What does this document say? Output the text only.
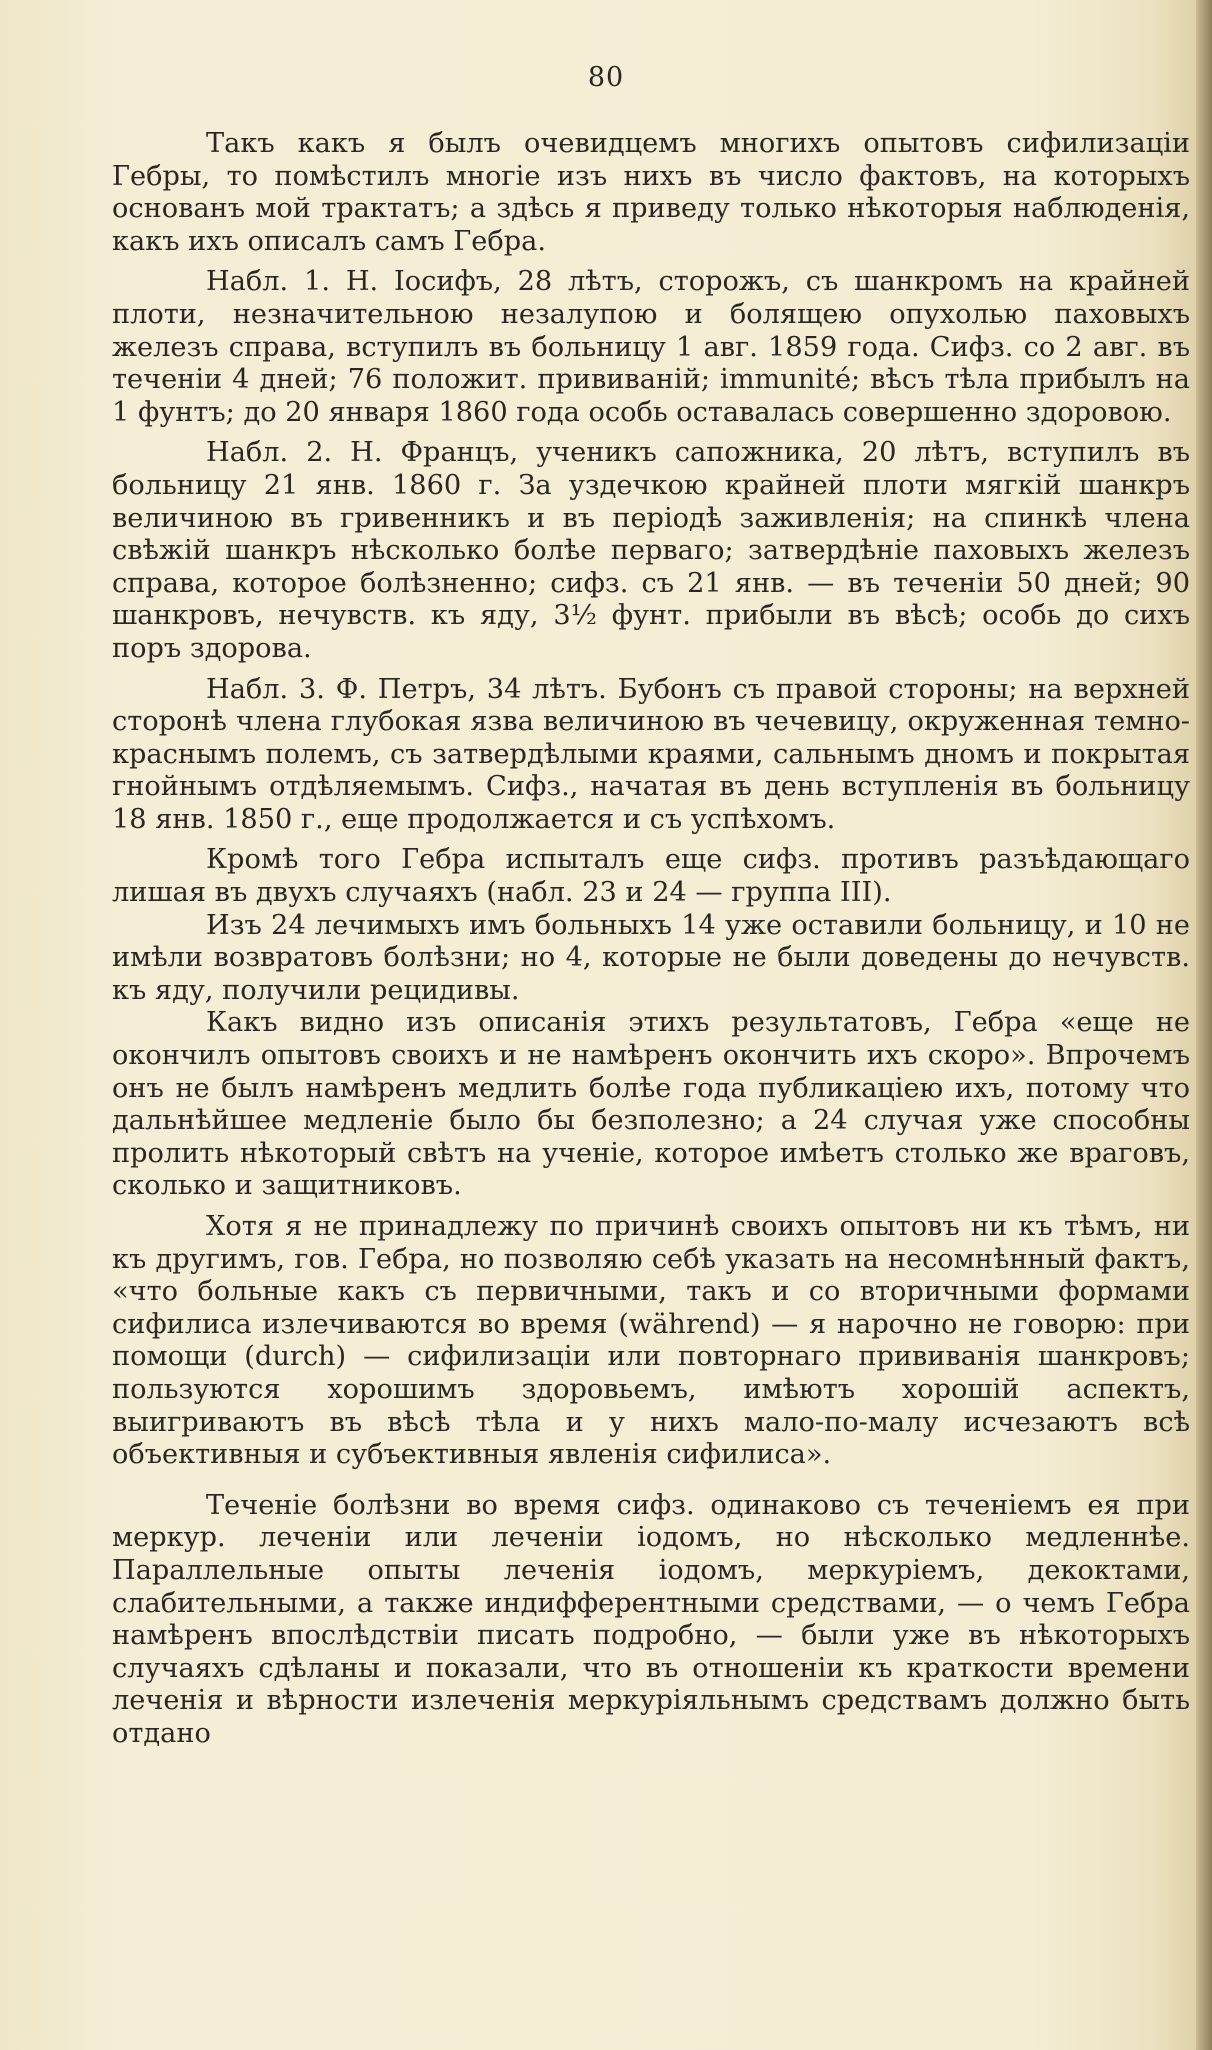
80

Такъ какъ я былъ очевидцемъ многихъ опытовъ сифилизаціи Гебры, то помѣстилъ многіе изъ нихъ въ число фактовъ, на которыхъ основанъ мой трактатъ; а здѣсь я приведу только нѣкоторыя наблюденія, какъ ихъ описалъ самъ Гебра.

Набл. 1. Н. Іосифъ, 28 лѣтъ, сторожъ, съ шанкромъ на крайней плоти, незначительною незалупою и болящею опухолью паховыхъ железъ справа, вступилъ въ больницу 1 авг. 1859 года. Сифз. со 2 авг. въ теченіи 4 дней; 76 положит. прививаній; immunité; вѣсъ тѣла прибылъ на 1 фунтъ; до 20 января 1860 года особь оставалась совершенно здоровою.

Набл. 2. Н. Францъ, ученикъ сапожника, 20 лѣтъ, вступилъ въ больницу 21 янв. 1860 г. За уздечкою крайней плоти мягкій шанкръ величиною въ гривенникъ и въ періодѣ заживленія; на спинкѣ члена свѣжій шанкръ нѣсколько болѣе перваго; затвердѣніе паховыхъ железъ справа, которое болѣзненно; сифз. съ 21 янв. — въ теченіи 50 дней; 90 шанкровъ, нечувств. къ яду, 3½ фунт. прибыли въ вѣсѣ; особь до сихъ поръ здорова.

Набл. 3. Ф. Петръ, 34 лѣтъ. Бубонъ съ правой стороны; на верхней сторонѣ члена глубокая язва величиною въ чечевицу, окруженная темно-краснымъ полемъ, съ затвердѣлыми краями, сальнымъ дномъ и покрытая гнойнымъ отдѣляемымъ. Сифз., начатая въ день вступленія въ больницу 18 янв. 1850 г., еще продолжается и съ успѣхомъ.

Кромѣ того Гебра испыталъ еще сифз. противъ разъѣдающаго лишая въ двухъ случаяхъ (набл. 23 и 24 — группа III).

Изъ 24 лечимыхъ имъ больныхъ 14 уже оставили больницу, и 10 не имѣли возвратовъ болѣзни; но 4, которые не были доведены до нечувств. къ яду, получили рецидивы.

Какъ видно изъ описанія этихъ результатовъ, Гебра «еще не окончилъ опытовъ своихъ и не намѣренъ окончить ихъ скоро». Впрочемъ онъ не былъ намѣренъ медлить болѣе года публикаціею ихъ, потому что дальнѣйшее медленіе было бы безполезно; а 24 случая уже способны пролить нѣкоторый свѣтъ на ученіе, которое имѣетъ столько же враговъ, сколько и защитниковъ.

Хотя я не принадлежу по причинѣ своихъ опытовъ ни къ тѣмъ, ни къ другимъ, гов. Гебра, но позволяю себѣ указать на несомнѣнный фактъ, «что больные какъ съ первичными, такъ и со вторичными формами сифилиса излечиваются во время (während) — я нарочно не говорю: при помощи (durch) — сифилизаціи или повторнаго прививанія шанкровъ; пользуются хорошимъ здоровьемъ, имѣютъ хорошій аспектъ, выигриваютъ въ вѣсѣ тѣла и у нихъ мало-по-малу исчезаютъ всѣ объективныя и субъективныя явленія сифилиса».

Теченіе болѣзни во время сифз. одинаково съ теченіемъ ея при меркур. леченіи или леченіи іодомъ, но нѣсколько медленнѣе. Параллельные опыты леченія іодомъ, меркуріемъ, декоктами, слабительными, а также индифферентными средствами, — о чемъ Гебра намѣренъ впослѣдствіи писать подробно, — были уже въ нѣкоторыхъ случаяхъ сдѣланы и показали, что въ отношеніи къ краткости времени леченія и вѣрности излеченія меркуріяльнымъ средствамъ должно быть отдано
